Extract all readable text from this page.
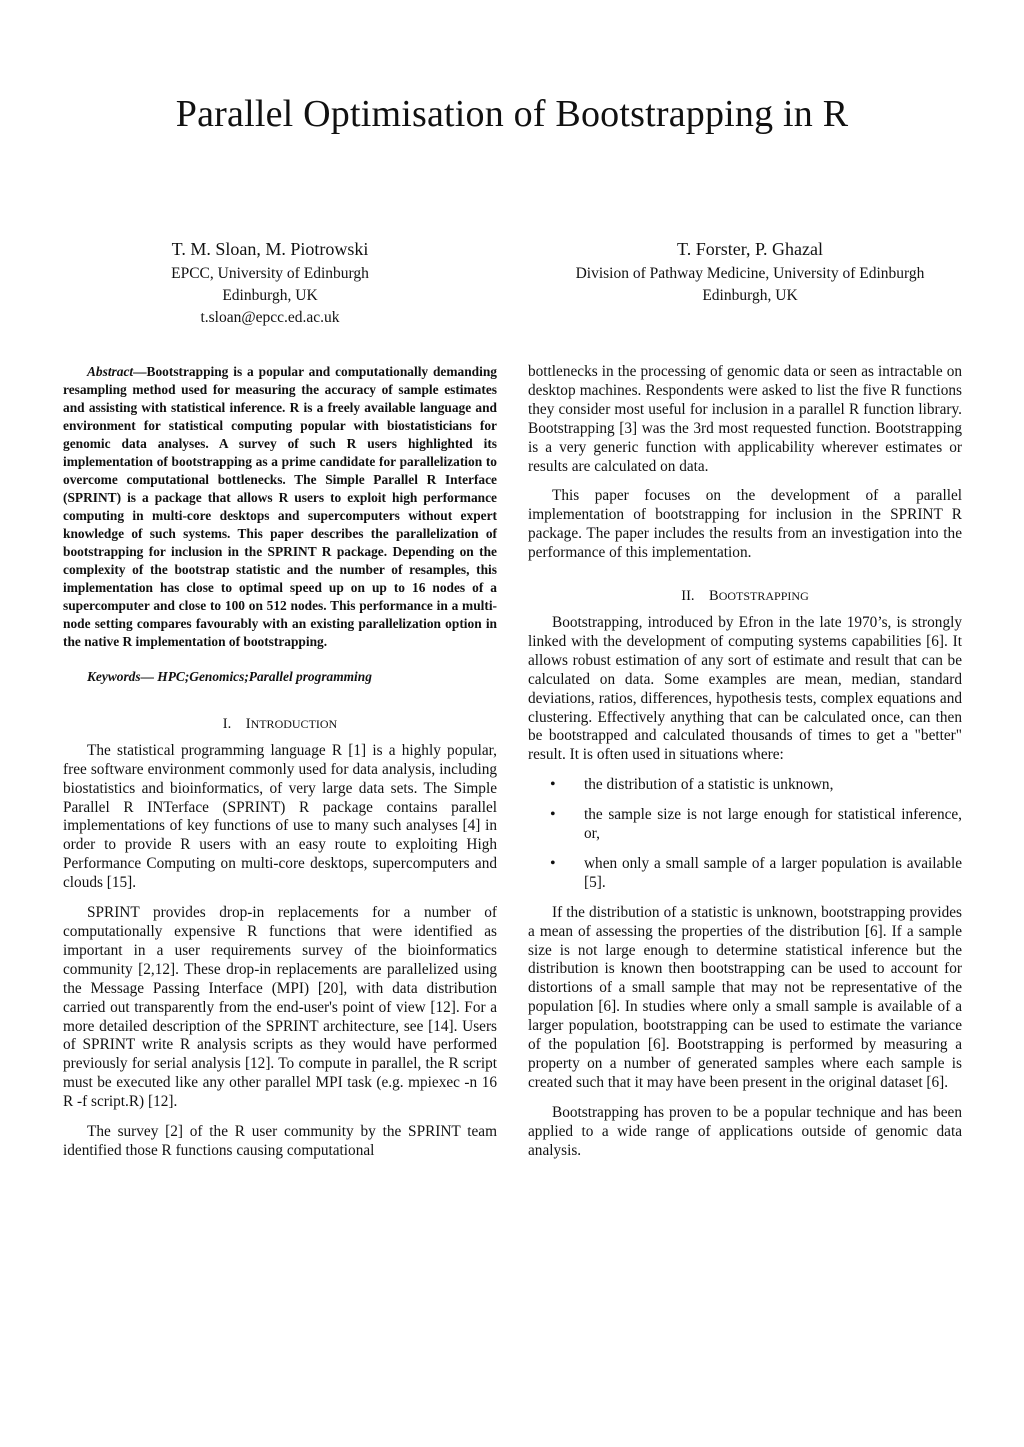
Parallel Optimisation of Bootstrapping in R
T. M. Sloan, M. Piotrowski
EPCC, University of Edinburgh
Edinburgh, UK
t.sloan@epcc.ed.ac.uk
T. Forster, P. Ghazal
Division of Pathway Medicine, University of Edinburgh
Edinburgh, UK

Abstract—Bootstrapping is a popular and computationally demanding resampling method used for measuring the accuracy of sample estimates and assisting with statistical inference. R is a freely available language and environment for statistical computing popular with biostatisticians for genomic data analyses. A survey of such R users highlighted its implementation of bootstrapping as a prime candidate for parallelization to overcome computational bottlenecks. The Simple Parallel R Interface (SPRINT) is a package that allows R users to exploit high performance computing in multi-core desktops and supercomputers without expert knowledge of such systems. This paper describes the parallelization of bootstrapping for inclusion in the SPRINT R package. Depending on the complexity of the bootstrap statistic and the number of resamples, this implementation has close to optimal speed up on up to 16 nodes of a supercomputer and close to 100 on 512 nodes. This performance in a multi-node setting compares favourably with an existing parallelization option in the native R implementation of bootstrapping.

Keywords— HPC;Genomics;Parallel programming

I. INTRODUCTION

The statistical programming language R [1] is a highly popular, free software environment commonly used for data analysis, including biostatistics and bioinformatics, of very large data sets. The Simple Parallel R INTerface (SPRINT) R package contains parallel implementations of key functions of use to many such analyses [4] in order to provide R users with an easy route to exploiting High Performance Computing on multi-core desktops, supercomputers and clouds [15].

SPRINT provides drop-in replacements for a number of computationally expensive R functions that were identified as important in a user requirements survey of the bioinformatics community [2,12]. These drop-in replacements are parallelized using the Message Passing Interface (MPI) [20], with data distribution carried out transparently from the end-user's point of view [12]. For a more detailed description of the SPRINT architecture, see [14]. Users of SPRINT write R analysis scripts as they would have performed previously for serial analysis [12]. To compute in parallel, the R script must be executed like any other parallel MPI task (e.g. mpiexec -n 16 R -f script.R) [12].

The survey [2] of the R user community by the SPRINT team identified those R functions causing computational

bottlenecks in the processing of genomic data or seen as intractable on desktop machines. Respondents were asked to list the five R functions they consider most useful for inclusion in a parallel R function library. Bootstrapping [3] was the 3rd most requested function. Bootstrapping is a very generic function with applicability wherever estimates or results are calculated on data.

This paper focuses on the development of a parallel implementation of bootstrapping for inclusion in the SPRINT R package. The paper includes the results from an investigation into the performance of this implementation.

II. BOOTSTRAPPING

Bootstrapping, introduced by Efron in the late 1970’s, is strongly linked with the development of computing systems capabilities [6]. It allows robust estimation of any sort of estimate and result that can be calculated on data. Some examples are mean, median, standard deviations, ratios, differences, hypothesis tests, complex equations and clustering. Effectively anything that can be calculated once, can then be bootstrapped and calculated thousands of times to get a "better" result. It is often used in situations where:

• the distribution of a statistic is unknown,
• the sample size is not large enough for statistical inference, or,
• when only a small sample of a larger population is available [5].

If the distribution of a statistic is unknown, bootstrapping provides a mean of assessing the properties of the distribution [6]. If a sample size is not large enough to determine statistical inference but the distribution is known then bootstrapping can be used to account for distortions of a small sample that may not be representative of the population [6]. In studies where only a small sample is available of a larger population, bootstrapping can be used to estimate the variance of the population [6]. Bootstrapping is performed by measuring a property on a number of generated samples where each sample is created such that it may have been present in the original dataset [6].

Bootstrapping has proven to be a popular technique and has been applied to a wide range of applications outside of genomic data analysis.
